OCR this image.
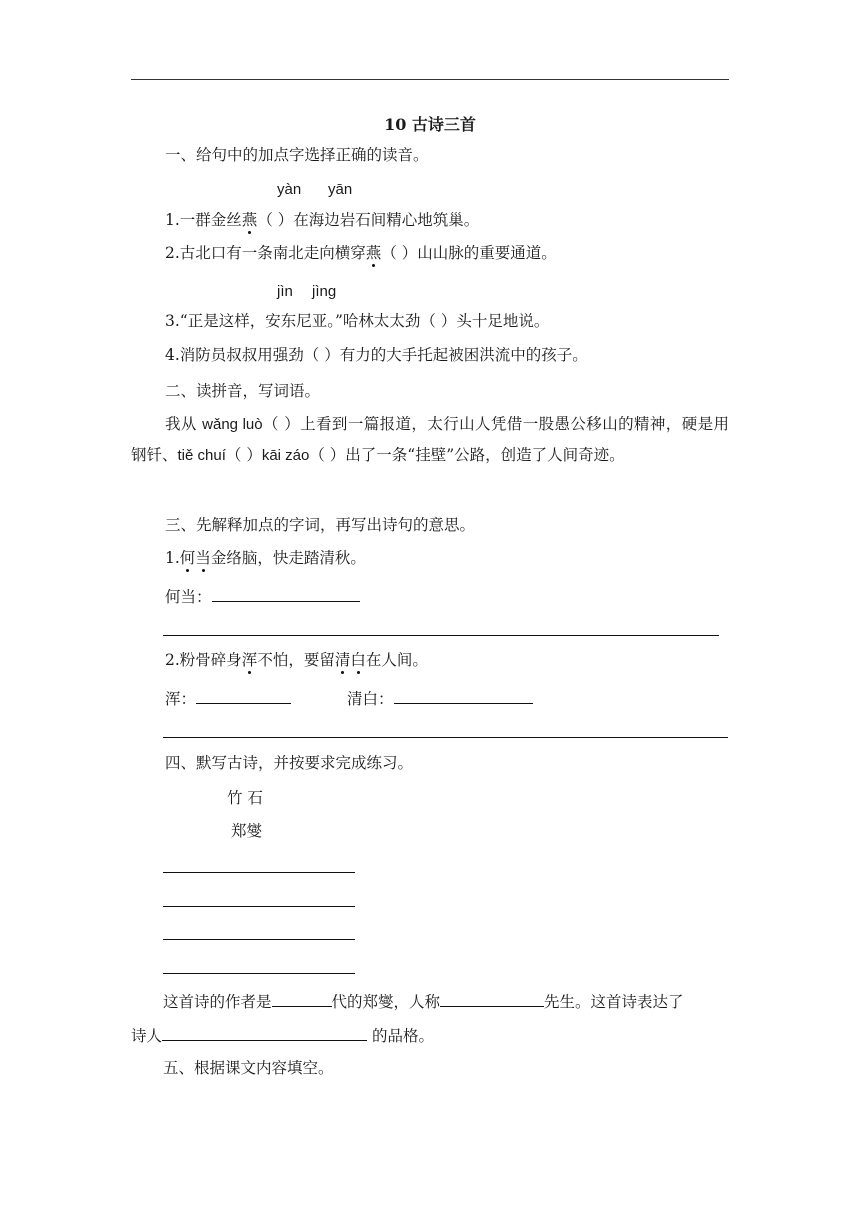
10 古诗三首
一、给句中的加点字选择正确的读音。
yàn yān
1.一群金丝燕（ ）在海边岩石间精心地筑巢。
2.古北口有一条南北走向横穿燕（ ）山山脉的重要通道。
jìn jìng
3.“正是这样，安东尼亚。”哈林太太劲（ ）头十足地说。
4.消防员叔叔用强劲（ ）有力的大手托起被困洪流中的孩子。
二、读拼音，写词语。
我从 wǎng luò（ ）上看到一篇报道，太行山人凭借一股愚公移山的精神，硬是用钢钎、tiě chuí（ ）kāi záo（ ）出了一条“挂壁”公路，创造了人间奇迹。
三、先解释加点的字词，再写出诗句的意思。
1.何当金络脑，快走踏清秋。
何当：
2.粉骨碎身浑不怕，要留清白在人间。
浑：	清白：
四、默写古诗，并按要求完成练习。
竹 石
郑燮
这首诗的作者是	代的郑燮，人称	先生。这首诗表达了
诗人	的品格。
五、根据课文内容填空。
